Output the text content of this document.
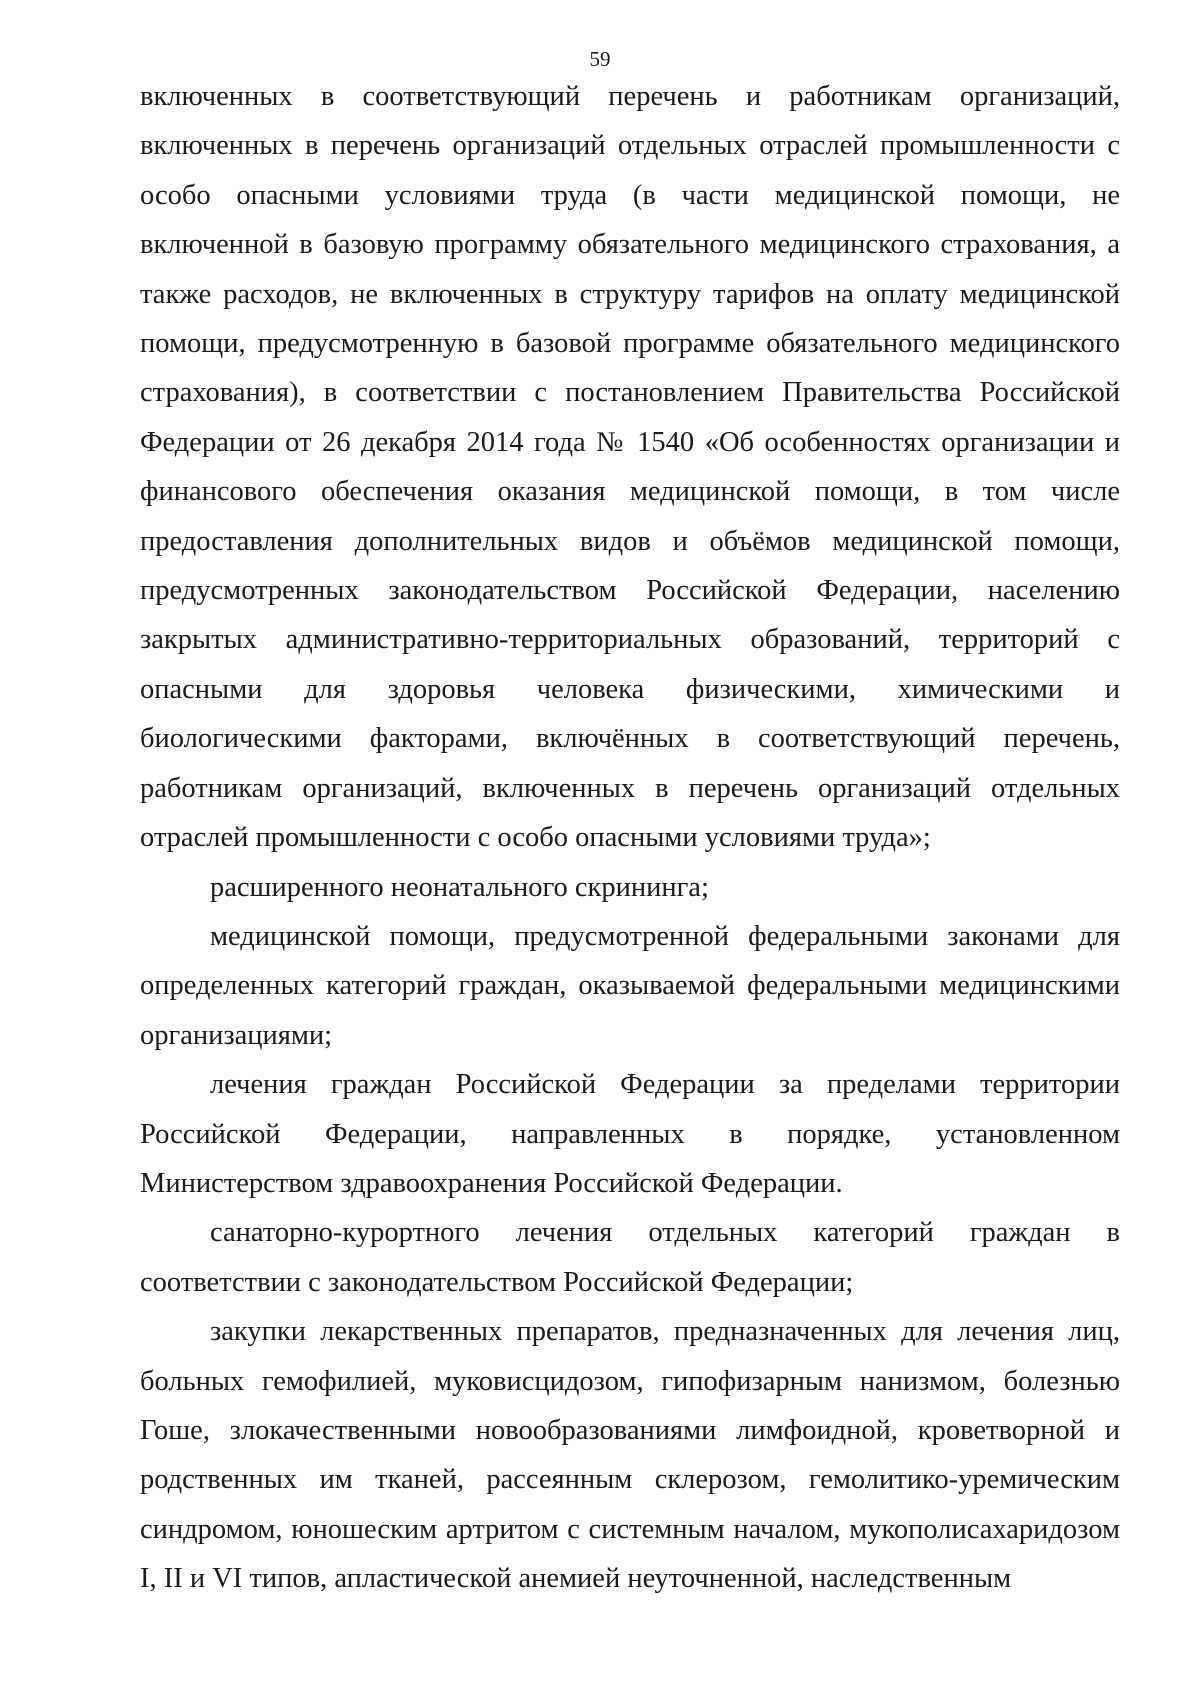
59

включенных в соответствующий перечень и работникам организаций, включенных в перечень организаций отдельных отраслей промышленности с особо опасными условиями труда (в части медицинской помощи, не включенной в базовую программу обязательного медицинского страхования, а также расходов, не включенных в структуру тарифов на оплату медицинской помощи, предусмотренную в базовой программе обязательного медицинского страхования), в соответствии с постановлением Правительства Российской Федерации от 26 декабря 2014 года № 1540 «Об особенностях организации и финансового обеспечения оказания медицинской помощи, в том числе предоставления дополнительных видов и объёмов медицинской помощи, предусмотренных законодательством Российской Федерации, населению закрытых административно-территориальных образований, территорий с опасными для здоровья человека физическими, химическими и биологическими факторами, включённых в соответствующий перечень, работникам организаций, включенных в перечень организаций отдельных отраслей промышленности с особо опасными условиями труда»;

расширенного неонатального скрининга;

медицинской помощи, предусмотренной федеральными законами для определенных категорий граждан, оказываемой федеральными медицинскими организациями;

лечения граждан Российской Федерации за пределами территории Российской Федерации, направленных в порядке, установленном Министерством здравоохранения Российской Федерации.

санаторно-курортного лечения отдельных категорий граждан в соответствии с законодательством Российской Федерации;

закупки лекарственных препаратов, предназначенных для лечения лиц, больных гемофилией, муковисцидозом, гипофизарным нанизмом, болезнью Гоше, злокачественными новообразованиями лимфоидной, кроветворной и родственных им тканей, рассеянным склерозом, гемолитико-уремическим синдромом, юношеским артритом с системным началом, мукополисахаридозом I, II и VI типов, апластической анемией неуточненной, наследственным
